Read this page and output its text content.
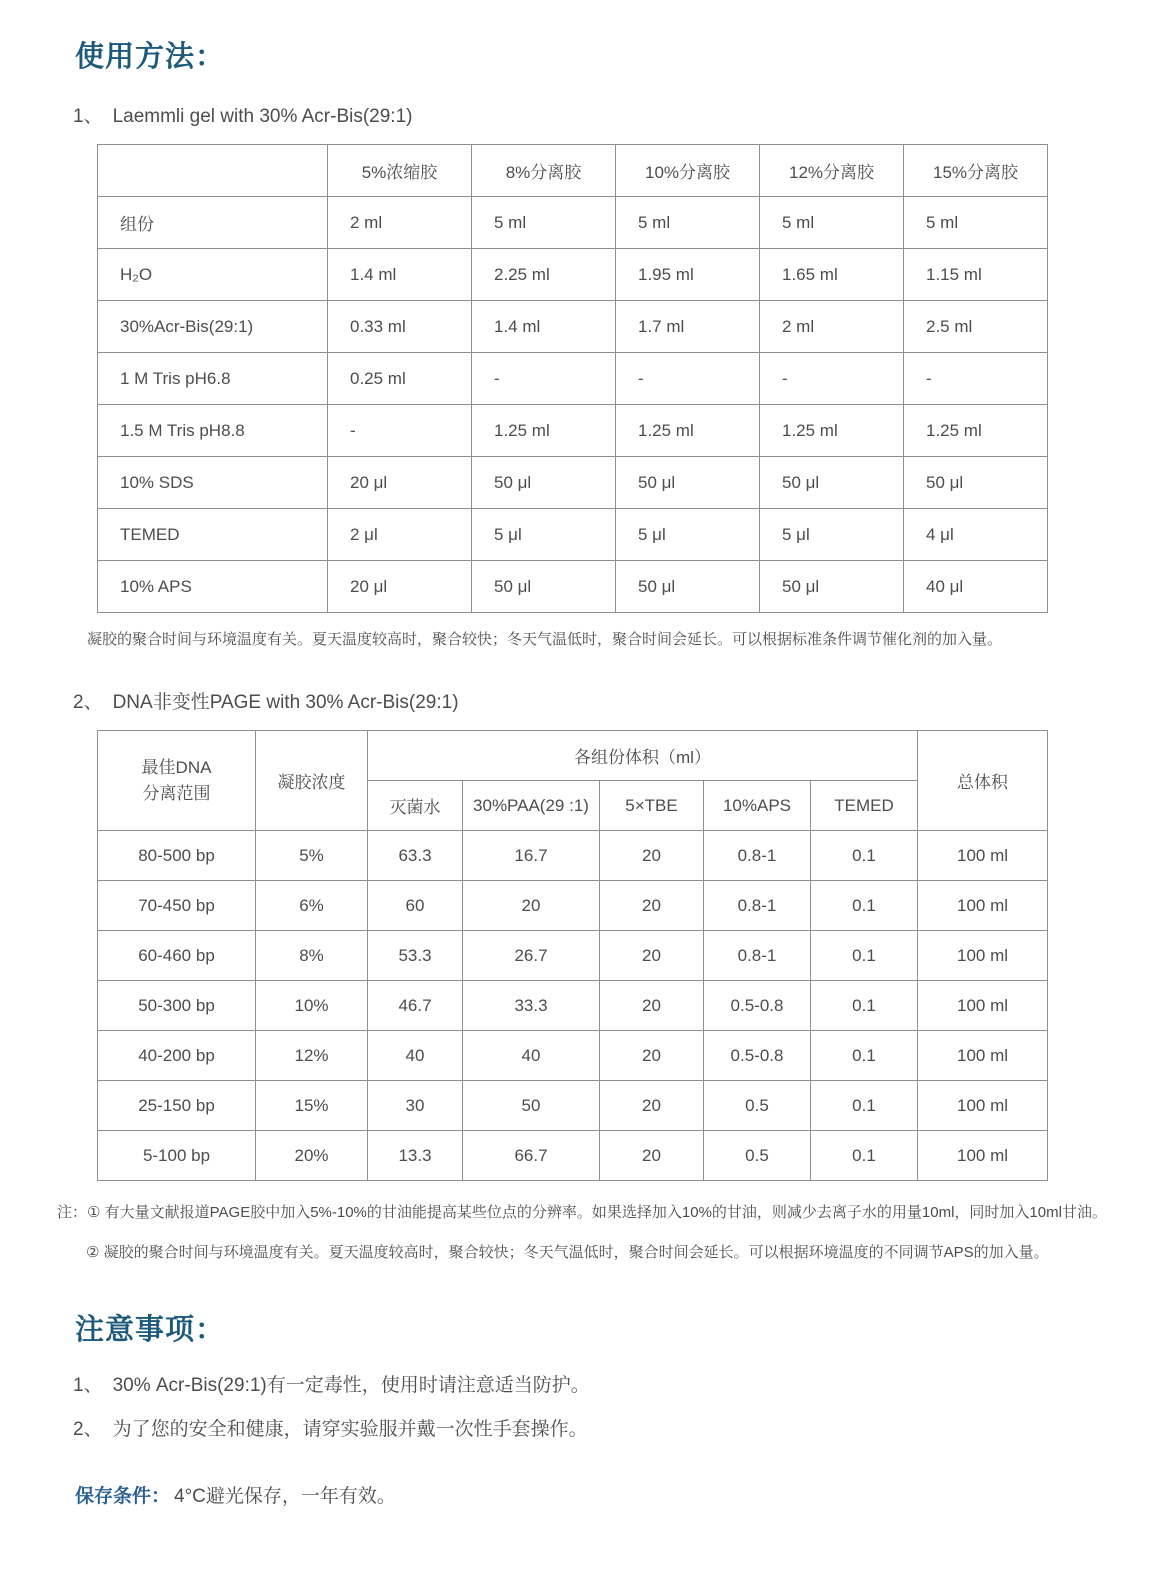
使用方法：
1、 Laemmli gel with 30% Acr-Bis(29:1)
	5%浓缩胶	8%分离胶	10%分离胶	12%分离胶	15%分离胶
组份	2 ml	5 ml	5 ml	5 ml	5 ml
H₂O	1.4 ml	2.25 ml	1.95 ml	1.65 ml	1.15 ml
30%Acr-Bis(29:1)	0.33 ml	1.4 ml	1.7 ml	2 ml	2.5 ml
1 M Tris pH6.8	0.25 ml	-	-	-	-
1.5 M Tris pH8.8	-	1.25 ml	1.25 ml	1.25 ml	1.25 ml
10% SDS	20 μl	50 μl	50 μl	50 μl	50 μl
TEMED	2 μl	5 μl	5 μl	5 μl	4 μl
10% APS	20 μl	50 μl	50 μl	50 μl	40 μl

凝胶的聚合时间与环境温度有关。夏天温度较高时，聚合较快；冬天气温低时，聚合时间会延长。可以根据标准条件调节催化剂的加入量。

2、 DNA非变性PAGE with 30% Acr-Bis(29:1)
最佳DNA
分离范围	凝胶浓度	各组份体积（ml）					总体积
		灭菌水	30%PAA(29 :1)	5×TBE	10%APS	TEMED	
80-500 bp	5%	63.3	16.7	20	0.8-1	0.1	100 ml
70-450 bp	6%	60	20	20	0.8-1	0.1	100 ml
60-460 bp	8%	53.3	26.7	20	0.8-1	0.1	100 ml
50-300 bp	10%	46.7	33.3	20	0.5-0.8	0.1	100 ml
40-200 bp	12%	40	40	20	0.5-0.8	0.1	100 ml
25-150 bp	15%	30	50	20	0.5	0.1	100 ml
5-100 bp	20%	13.3	66.7	20	0.5	0.1	100 ml
注：① 有大量文献报道PAGE胶中加入5%-10%的甘油能提高某些位点的分辨率。如果选择加入10%的甘油，则减少去离子水的用量10ml，同时加入10ml甘油。
② 凝胶的聚合时间与环境温度有关。夏天温度较高时，聚合较快；冬天气温低时，聚合时间会延长。可以根据环境温度的不同调节APS的加入量。
注意事项：
1、 30% Acr-Bis(29:1)有一定毒性，使用时请注意适当防护。
2、 为了您的安全和健康，请穿实验服并戴一次性手套操作。

保存条件： 4°C避光保存，一年有效。
